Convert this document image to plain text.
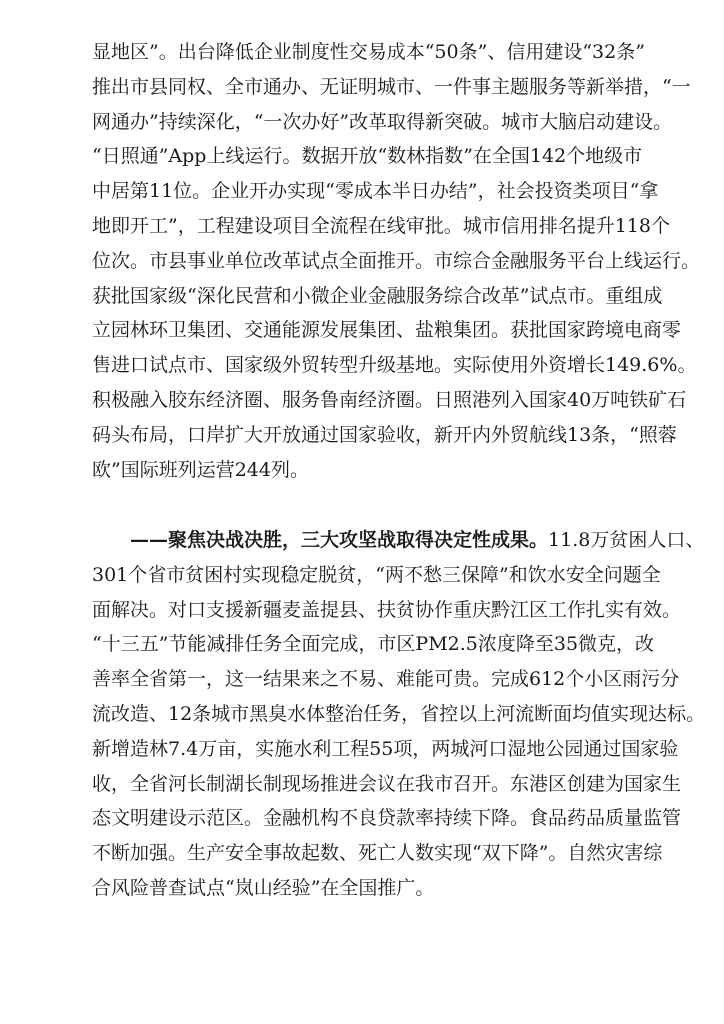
显地区”。出台降低企业制度性交易成本“50条”、信用建设“32条”
推出市县同权、全市通办、无证明城市、一件事主题服务等新举措，“一
网通办”持续深化，“一次办好”改革取得新突破。城市大脑启动建设。
“日照通”App上线运行。数据开放“数林指数”在全国142个地级市
中居第11位。企业开办实现“零成本半日办结”，社会投资类项目“拿
地即开工”，工程建设项目全流程在线审批。城市信用排名提升118个
位次。市县事业单位改革试点全面推开。市综合金融服务平台上线运行。
获批国家级“深化民营和小微企业金融服务综合改革”试点市。重组成
立园林环卫集团、交通能源发展集团、盐粮集团。获批国家跨境电商零
售进口试点市、国家级外贸转型升级基地。实际使用外资增长149.6%。
积极融入胶东经济圈、服务鲁南经济圈。日照港列入国家40万吨铁矿石
码头布局，口岸扩大开放通过国家验收，新开内外贸航线13条，“照蓉
欧”国际班列运营244列。
——聚焦决战决胜，三大攻坚战取得决定性成果。11.8万贫困人口、
301个省市贫困村实现稳定脱贫，“两不愁三保障”和饮水安全问题全
面解决。对口支援新疆麦盖提县、扶贫协作重庆黔江区工作扎实有效。
“十三五”节能减排任务全面完成，市区PM2.5浓度降至35微克，改
善率全省第一，这一结果来之不易、难能可贵。完成612个小区雨污分
流改造、12条城市黑臭水体整治任务，省控以上河流断面均值实现达标。
新增造林7.4万亩，实施水利工程55项，两城河口湿地公园通过国家验
收，全省河长制湖长制现场推进会议在我市召开。东港区创建为国家生
态文明建设示范区。金融机构不良贷款率持续下降。食品药品质量监管
不断加强。生产安全事故起数、死亡人数实现“双下降”。自然灾害综
合风险普查试点“岚山经验”在全国推广。
